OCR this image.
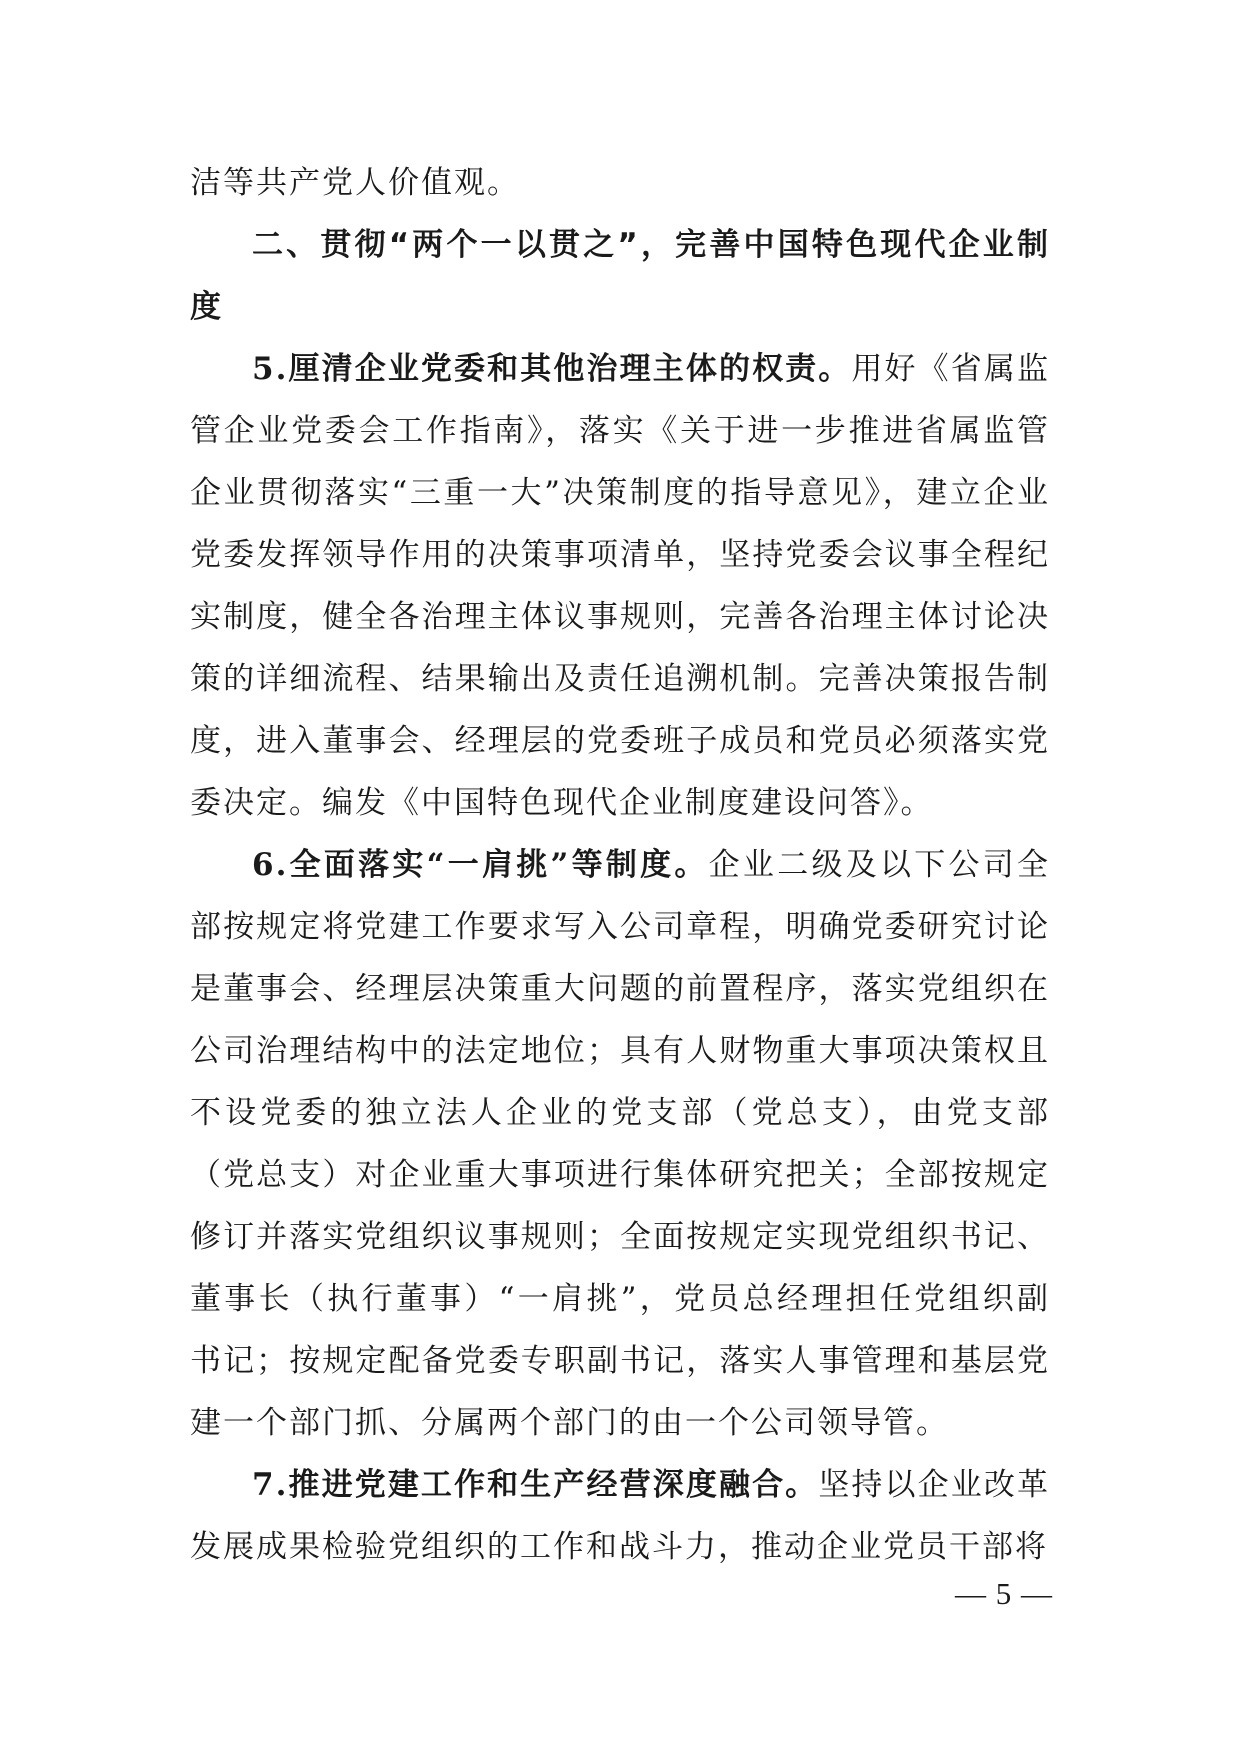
洁等共产党人价值观。

二、贯彻“两个一以贯之”，完善中国特色现代企业制度

5.厘清企业党委和其他治理主体的权责。用好《省属监管企业党委会工作指南》，落实《关于进一步推进省属监管企业贯彻落实“三重一大”决策制度的指导意见》，建立企业党委发挥领导作用的决策事项清单，坚持党委会议事全程纪实制度，健全各治理主体议事规则，完善各治理主体讨论决策的详细流程、结果输出及责任追溯机制。完善决策报告制度，进入董事会、经理层的党委班子成员和党员必须落实党委决定。编发《中国特色现代企业制度建设问答》。

6.全面落实“一肩挑”等制度。企业二级及以下公司全部按规定将党建工作要求写入公司章程，明确党委研究讨论是董事会、经理层决策重大问题的前置程序，落实党组织在公司治理结构中的法定地位；具有人财物重大事项决策权且不设党委的独立法人企业的党支部（党总支），由党支部（党总支）对企业重大事项进行集体研究把关；全部按规定修订并落实党组织议事规则；全面按规定实现党组织书记、董事长（执行董事）“一肩挑”，党员总经理担任党组织副书记；按规定配备党委专职副书记，落实人事管理和基层党建一个部门抓、分属两个部门的由一个公司领导管。

7.推进党建工作和生产经营深度融合。坚持以企业改革发展成果检验党组织的工作和战斗力，推动企业党员干部将

— 5 —
